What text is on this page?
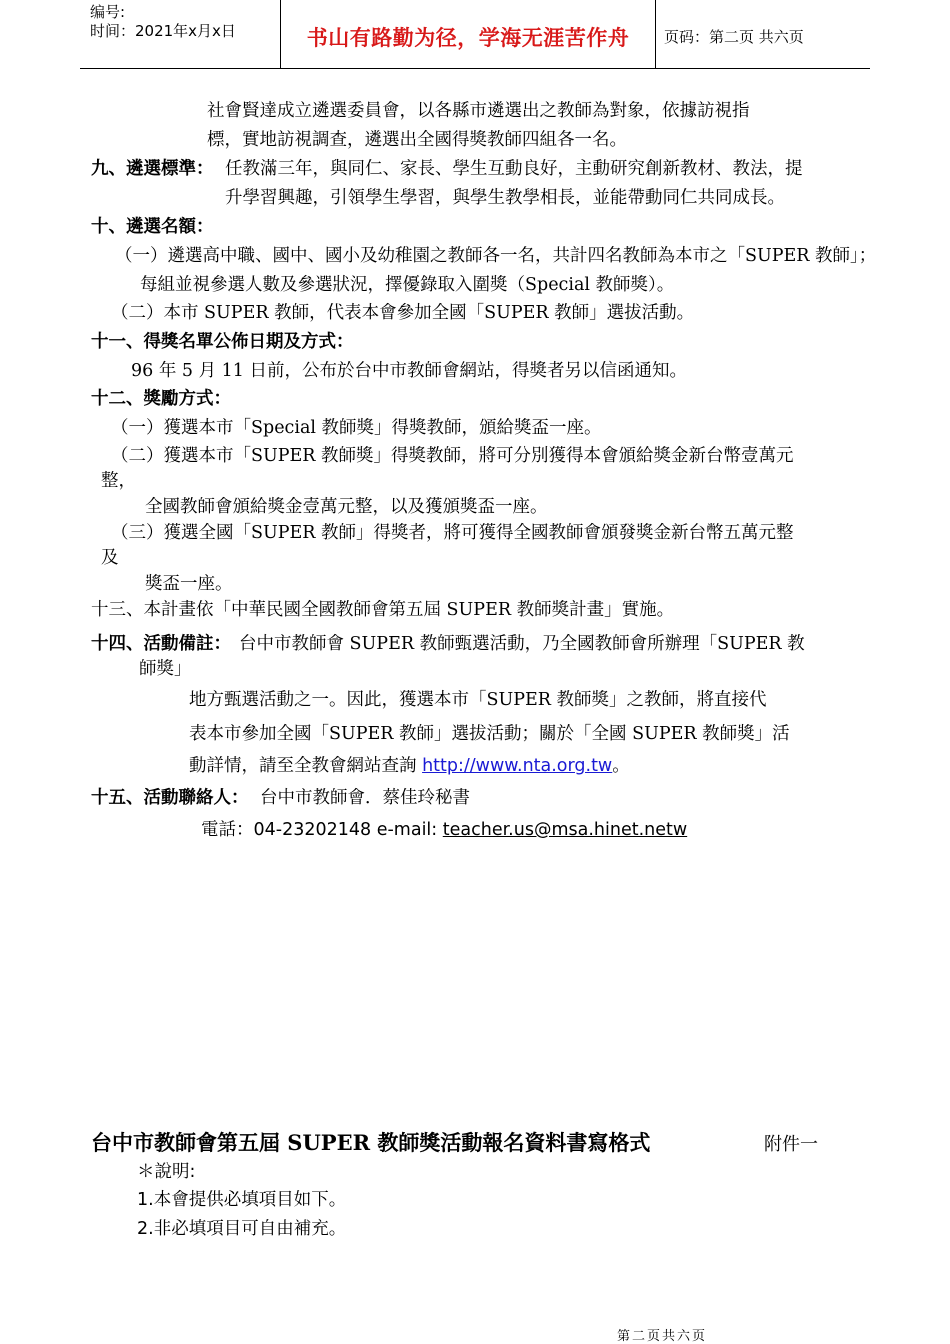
编号:
时间：2021年x月x日	书山有路勤为径，学海无涯苦作舟	页码：第二页 共六页
社會賢達成立遴選委員會，以各縣市遴選出之教師為對象，依據訪視指
標，實地訪視調查，遴選出全國得獎教師四組各一名。
九、遴選標準： 任教滿三年，與同仁、家長、學生互動良好，主動研究創新教材、教法，提
升學習興趣，引領學生學習，與學生教學相長，並能帶動同仁共同成長。
十、遴選名額：
（一）遴選高中職、國中、國小及幼稚園之教師各一名，共計四名教師為本市之「SUPER 教師」；
每組並視參選人數及參選狀況，擇優錄取入圍獎（Special 教師獎）。
（二）本市 SUPER 教師，代表本會參加全國「SUPER 教師」選拔活動。
十一、得獎名單公佈日期及方式：
96 年 5 月 11 日前，公布於台中市教師會網站，得獎者另以信函通知。
十二、獎勵方式：
（一）獲選本市「Special 教師獎」得獎教師，頒給獎盃一座。
（二）獲選本市「SUPER 教師獎」得獎教師，將可分別獲得本會頒給獎金新台幣壹萬元
整，
全國教師會頒給獎金壹萬元整，以及獲頒獎盃一座。
（三）獲選全國「SUPER 教師」得獎者，將可獲得全國教師會頒發獎金新台幣五萬元整
及
獎盃一座。
十三、本計畫依「中華民國全國教師會第五屆 SUPER 教師獎計畫」實施。
十四、活動備註： 台中市教師會 SUPER 教師甄選活動，乃全國教師會所辦理「SUPER 教
師獎」
地方甄選活動之一。因此，獲選本市「SUPER 教師獎」之教師，將直接代
表本市參加全國「SUPER 教師」選拔活動；關於「全國 SUPER 教師獎」活
動詳情，請至全教會網站查詢 http://www.nta.org.tw。
十五、活動聯絡人： 台中市教師會．蔡佳玲秘書
電話：04-23202148 e-mail: teacher.us@msa.hinet.netw
台中市教師會第五屆 SUPER 教師獎活動報名資料書寫格式	附件一
＊說明:
1.本會提供必填項目如下。
2.非必填項目可自由補充。
第二页共六页
